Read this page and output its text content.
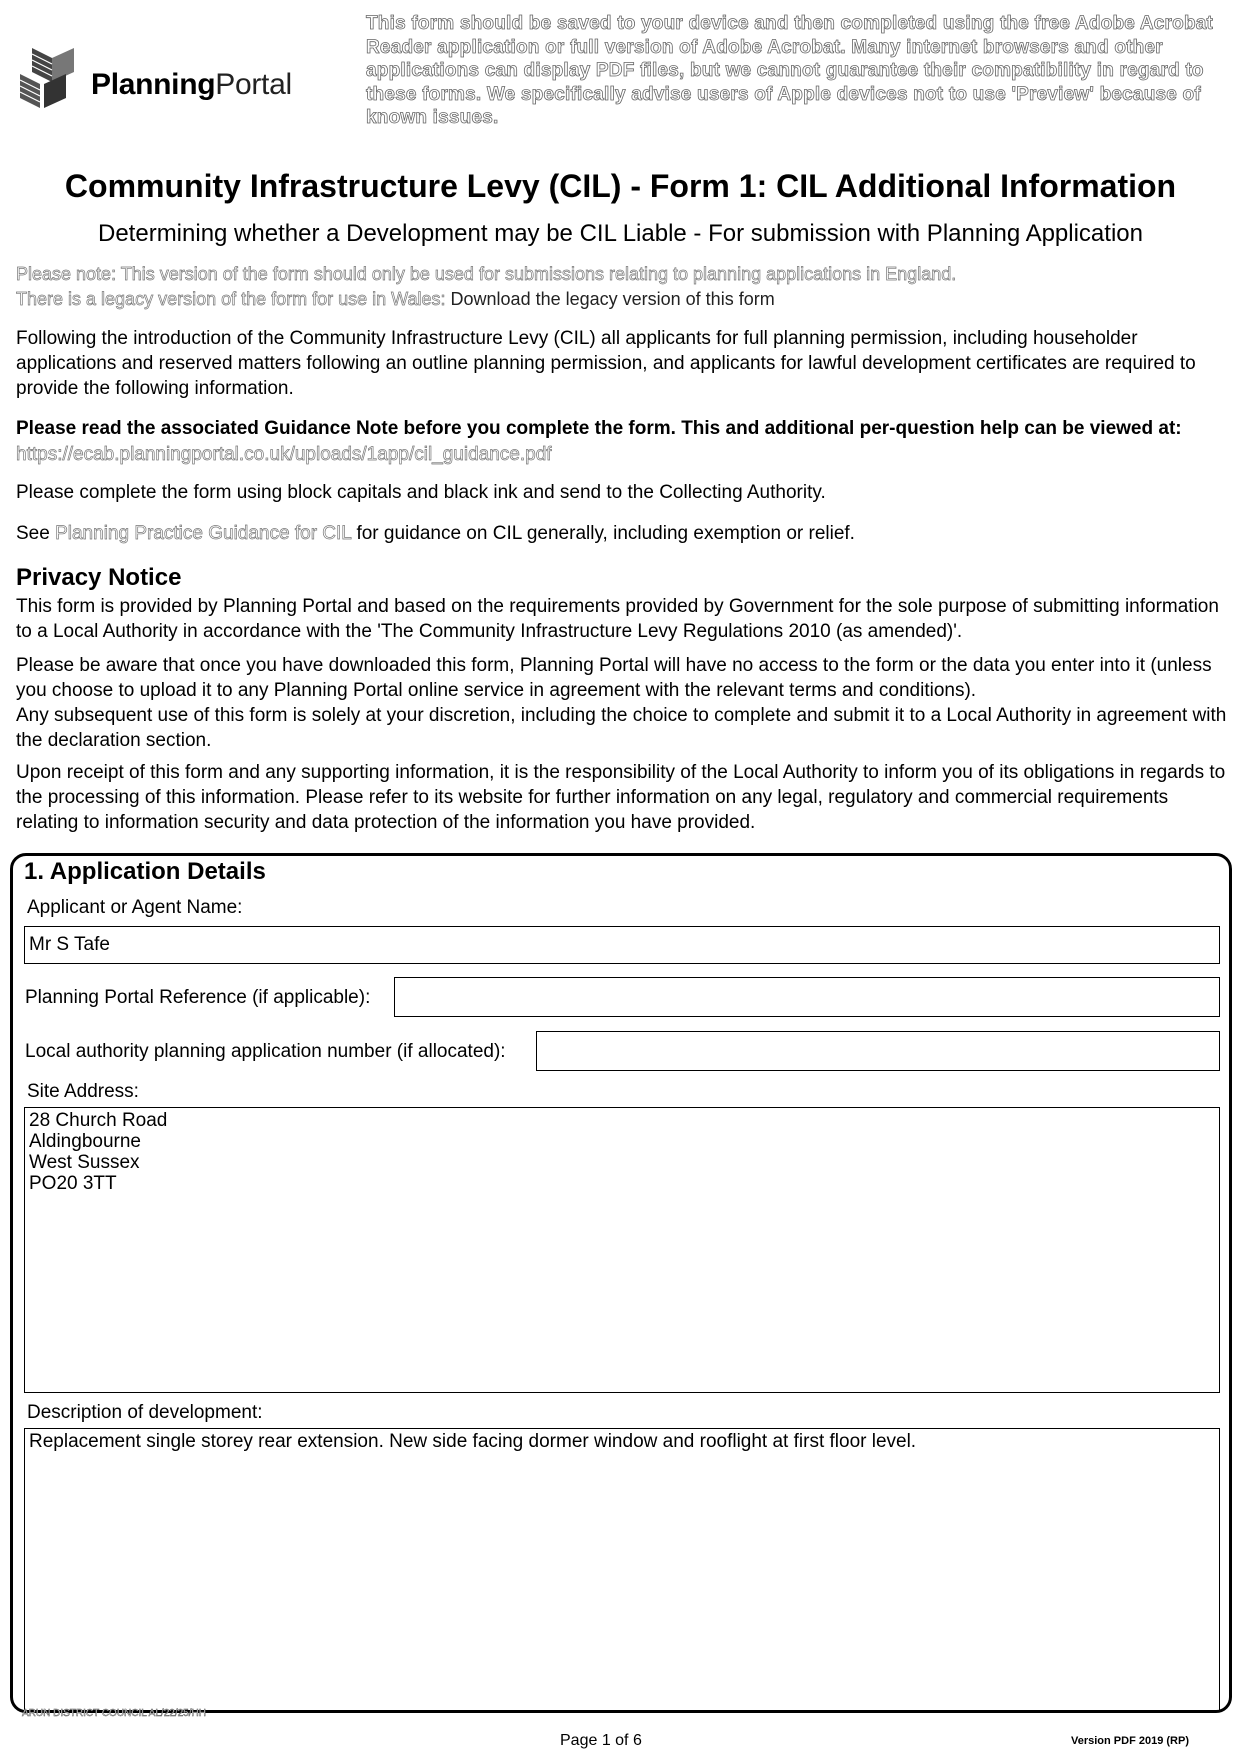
PlanningPortal
This form should be saved to your device and then completed using the free Adobe Acrobat Reader application or full version of Adobe Acrobat. Many internet browsers and other applications can display PDF files, but we cannot guarantee their compatibility in regard to these forms. We specifically advise users of Apple devices not to use 'Preview' because of known issues.
Community Infrastructure Levy (CIL) - Form 1: CIL Additional Information
Determining whether a Development may be CIL Liable - For submission with Planning Application
Please note: This version of the form should only be used for submissions relating to planning applications in England.
There is a legacy version of the form for use in Wales: Download the legacy version of this form
Following the introduction of the Community Infrastructure Levy (CIL) all applicants for full planning permission, including householder applications and reserved matters following an outline planning permission, and applicants for lawful development certificates are required to provide the following information.
Please read the associated Guidance Note before you complete the form. This and additional per-question help can be viewed at:
https://ecab.planningportal.co.uk/uploads/1app/cil_guidance.pdf
Please complete the form using block capitals and black ink and send to the Collecting Authority.
See Planning Practice Guidance for CIL for guidance on CIL generally, including exemption or relief.
Privacy Notice
This form is provided by Planning Portal and based on the requirements provided by Government for the sole purpose of submitting information to a Local Authority in accordance with the 'The Community Infrastructure Levy Regulations 2010 (as amended)'.
Please be aware that once you have downloaded this form, Planning Portal will have no access to the form or the data you enter into it (unless you choose to upload it to any Planning Portal online service in agreement with the relevant terms and conditions).
Any subsequent use of this form is solely at your discretion, including the choice to complete and submit it to a Local Authority in agreement with the declaration section.
Upon receipt of this form and any supporting information, it is the responsibility of the Local Authority to inform you of its obligations in regards to the processing of this information. Please refer to its website for further information on any legal, regulatory and commercial requirements relating to information security and data protection of the information you have provided.
1. Application Details
Applicant or Agent Name:
Mr S Tafe
Planning Portal Reference (if applicable):
Local authority planning application number (if allocated):
Site Address:
28 Church Road
Aldingbourne
West Sussex
PO20 3TT
Description of development:
Replacement single storey rear extension. New side facing dormer window and rooflight at first floor level.
ARUN DISTRICT COUNCIL AL/22/25/HH
Page 1 of 6	Version PDF 2019 (RP)
